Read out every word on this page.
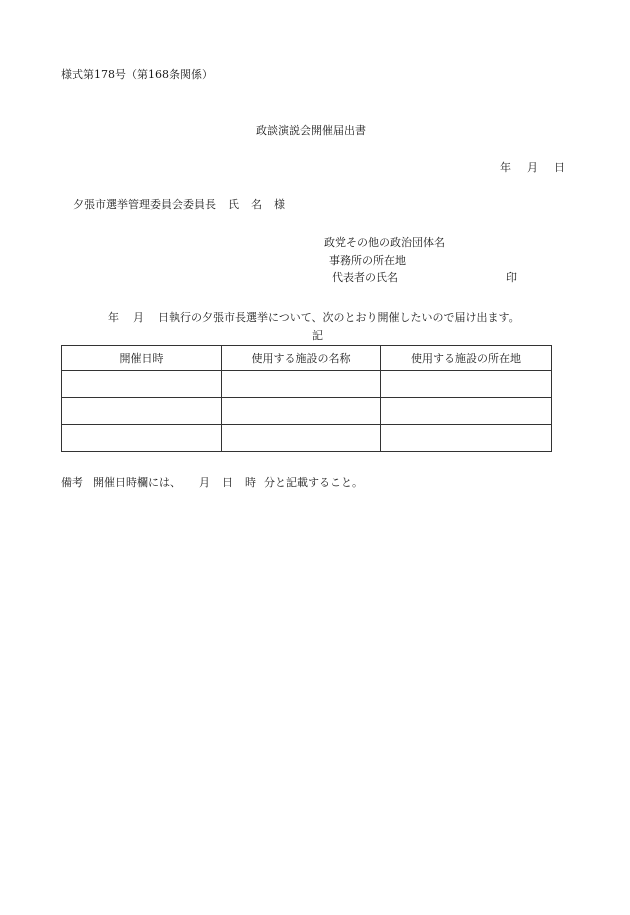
様式第178号（第168条関係）
政談演説会開催届出書
年 月 日
夕張市選挙管理委員会委員長 氏 名 様
政党その他の政治団体名
事務所の所在地
代表者の氏名	印
年 月 日執行の夕張市長選挙について、次のとおり開催したいので届け出ます。
記
開催日時	使用する施設の名称	使用する施設の所在地

備考 開催日時欄には、 月 日 時 分と記載すること。
